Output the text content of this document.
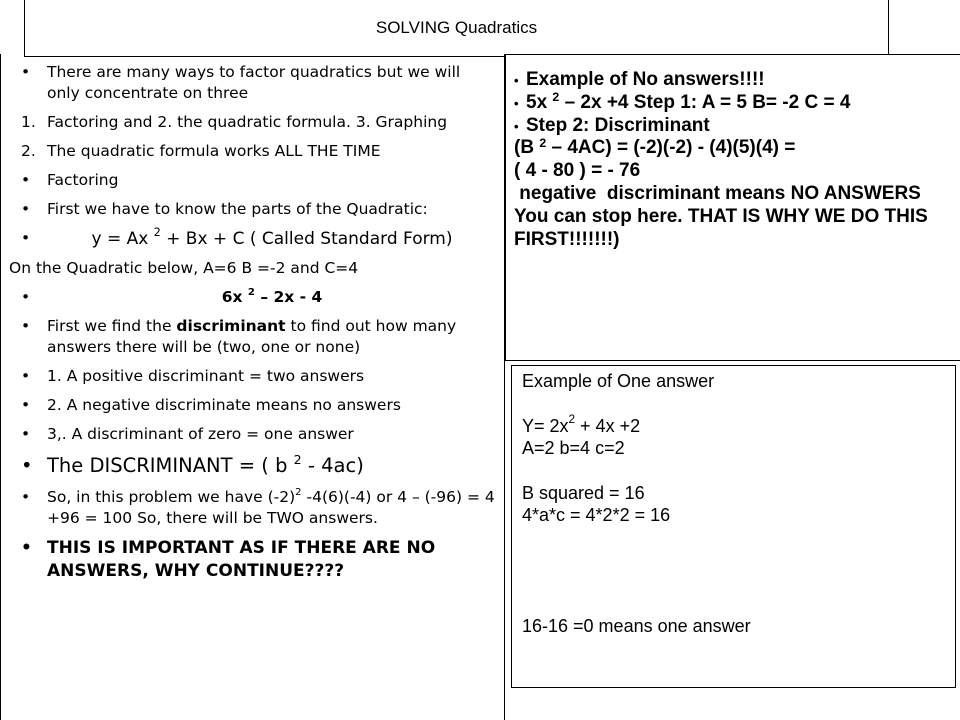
SOLVING Quadratics
• There are many ways to factor quadratics but we will only concentrate on three
1. Factoring and 2. the quadratic formula. 3. Graphing
2. The quadratic formula works ALL THE TIME
• Factoring
• First we have to know the parts of the Quadratic:
•	y = Ax $^2$ + Bx + C ( Called Standard Form)
On the Quadratic below, A=6 B =-2 and C=4
•	6x $^2$ – 2x - 4
• First we find the discriminant to find out how many answers there will be (two, one or none)
• 1. A positive discriminant = two answers
• 2. A negative discriminate means no answers
• 3,. A discriminant of zero = one answer
• The DISCRIMINANT = ( b $^2$ - 4ac)
• So, in this problem we have $(-2)^2$ -4(6)(-4) or 4 – (-96) = 4 +96 = 100 So, there will be TWO answers.
• THIS IS IMPORTANT AS IF THERE ARE NO ANSWERS, WHY CONTINUE????
• Example of No answers!!!!
• 5x $^2$ – 2x +4 Step 1: A = 5 B= -2 C = 4
• Step 2: Discriminant
(B $^2$ – 4AC) = (-2)(-2) - (4)(5)(4) =
( 4 - 80 ) = - 76
negative  discriminant means NO ANSWERS
You can stop here. THAT IS WHY WE DO THIS FIRST!!!!!!!)
Example of One answer
$Y= 2x^2 + 4x +2$
A=2 b=4 c=2
B squared = 16
4*a*c = 4*2*2 = 16
16-16 =0 means one answer
